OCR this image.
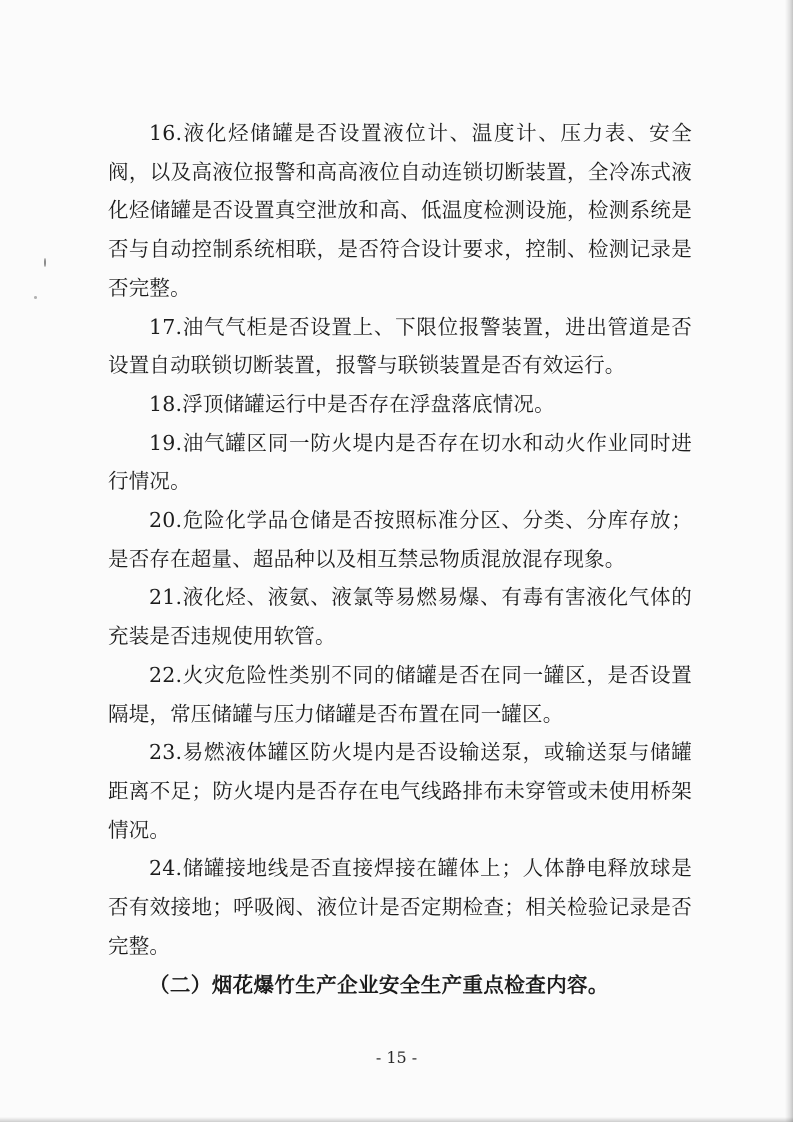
16.液化烃储罐是否设置液位计、温度计、压力表、安全阀，以及高液位报警和高高液位自动连锁切断装置，全冷冻式液化烃储罐是否设置真空泄放和高、低温度检测设施，检测系统是否与自动控制系统相联，是否符合设计要求，控制、检测记录是否完整。

17.油气气柜是否设置上、下限位报警装置，进出管道是否设置自动联锁切断装置，报警与联锁装置是否有效运行。

18.浮顶储罐运行中是否存在浮盘落底情况。

19.油气罐区同一防火堤内是否存在切水和动火作业同时进行情况。

20.危险化学品仓储是否按照标准分区、分类、分库存放；是否存在超量、超品种以及相互禁忌物质混放混存现象。

21.液化烃、液氨、液氯等易燃易爆、有毒有害液化气体的充装是否违规使用软管。

22.火灾危险性类别不同的储罐是否在同一罐区，是否设置隔堤，常压储罐与压力储罐是否布置在同一罐区。

23.易燃液体罐区防火堤内是否设输送泵，或输送泵与储罐距离不足；防火堤内是否存在电气线路排布未穿管或未使用桥架情况。

24.储罐接地线是否直接焊接在罐体上；人体静电释放球是否有效接地；呼吸阀、液位计是否定期检查；相关检验记录是否完整。

（二）烟花爆竹生产企业安全生产重点检查内容。

- 15 -
